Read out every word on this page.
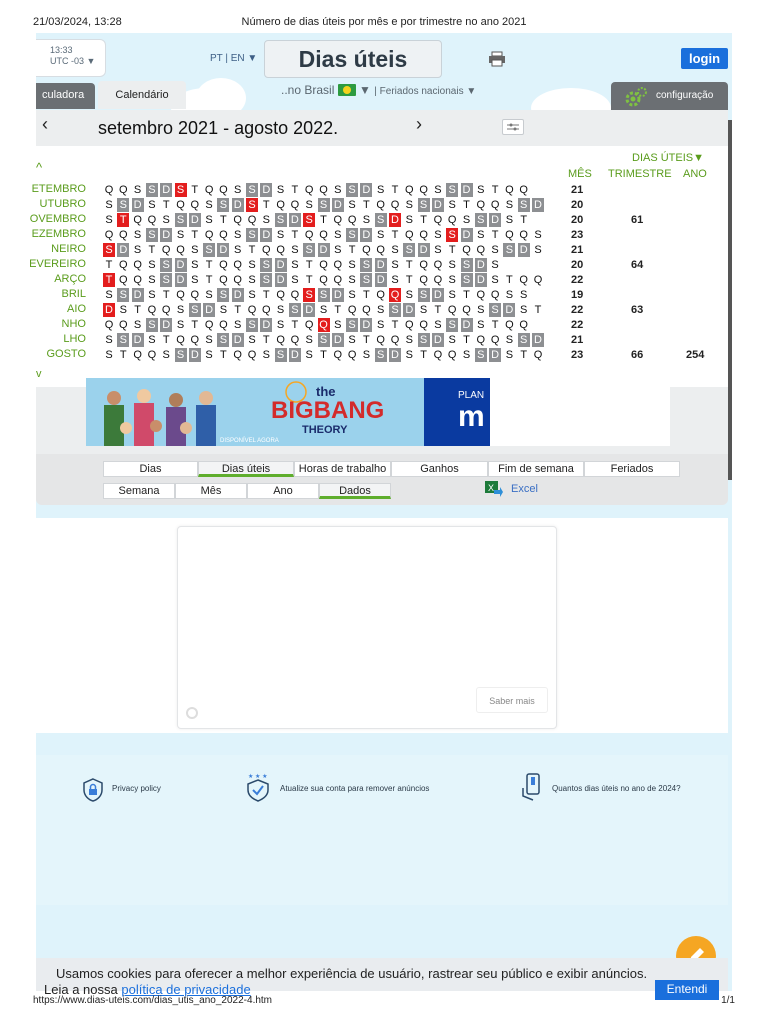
21/03/2024, 13:28	Número de dias úteis por mês e por trimestre no ano 2021
13:33
UTC -03 ▼	PT | EN ▼	Dias úteis	login
culadora	Calendário	..no Brasil ▼ | Feriados nacionais ▼	configuração
‹	setembro 2021 - agosto 2022.	›
DIAS ÚTEIS▼
MÊS TRIMESTRE ANO
^
v
ETEMBRO Q Q S S D S T Q Q S S D S T Q Q S S D S T Q Q S S D S T Q Q	21
UTUBRO S S D S T Q Q S S D S T Q Q S S D S T Q Q S S D S T Q Q S S D	20
OVEMBRO S T Q Q S S D S T Q Q S S D S T Q Q S S D S T Q Q S S D S T	20	61
EZEMBRO Q Q S S D S T Q Q S S D S T Q Q S S D S T Q Q S S D S T Q Q S	23
NEIRO S D S T Q Q S S D S T Q Q S S D S T Q Q S S D S T Q Q S S D S	21
EVEREIRO T Q Q S S D S T Q Q S S D S T Q Q S S D S T Q Q S S D S	20	64
ARÇO T Q Q S S D S T Q Q S S D S T Q Q S S D S T Q Q S S D S T Q Q	22
BRIL S S D S T Q Q S S D S T Q Q S S D S T Q Q S S D S T Q Q S S	19
AIO D S T Q Q S S D S T Q Q S S D S T Q Q S S D S T Q Q S S D S T	22	63
NHO Q Q S S D S T Q Q S S D S T Q Q S S D S T Q Q S S D S T Q Q	22
LHO S S D S T Q Q S S D S T Q Q S S D S T Q Q S S D S T Q Q S S D	21
GOSTO S T Q Q S S D S T Q Q S S D S T Q Q S S D S T Q Q S S D S T Q	23	66	254
the
BIGBANG
THEORY
DISPONÍVEL AGORA
PLAN
m
Dias	Dias úteis	Horas de trabalho	Ganhos	Fim de semana	Feriados
Semana	Mês	Ano	Dados	X Excel
Saber mais
Privacy policy
★ ★ ★
Atualize sua conta para remover anúncios	Quantos dias úteis no ano de 2024?
Usamos cookies para oferecer a melhor experiência de usuário, rastrear seu público e exibir anúncios.
Leia a nossa política de privacidade	Entendi
https://www.dias-uteis.com/dias_utis_ano_2022-4.htm	1/1
